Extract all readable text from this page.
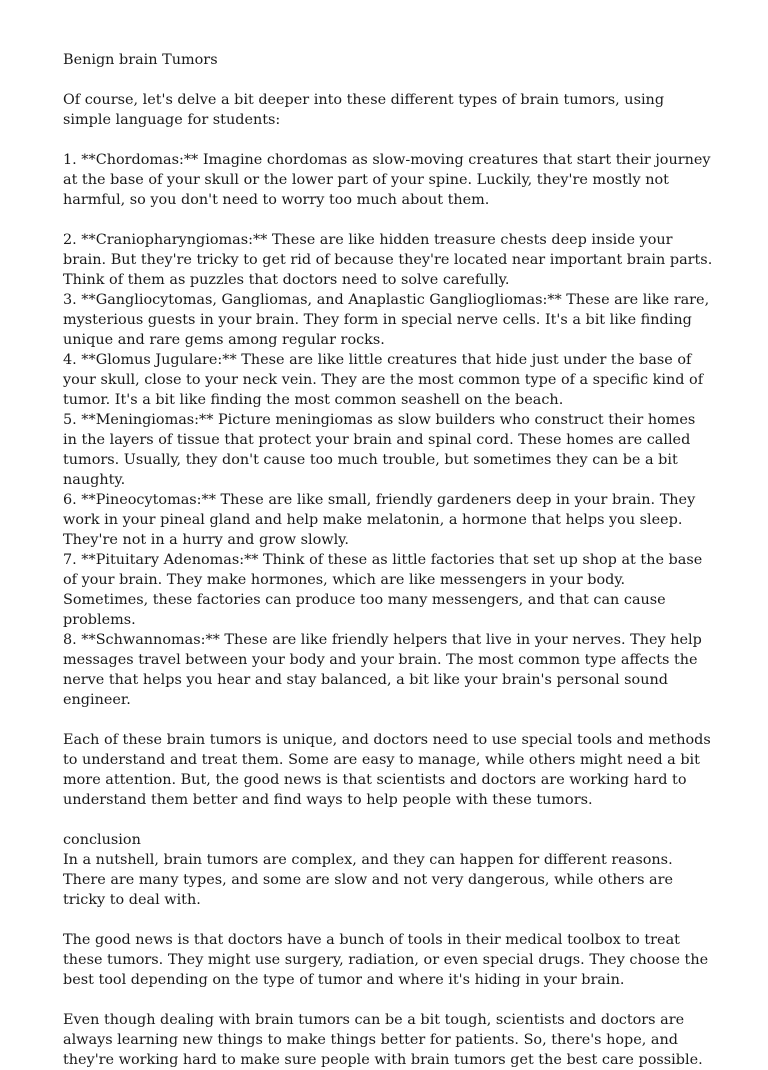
Benign brain Tumors

Of course, let's delve a bit deeper into these different types of brain tumors, using simple language for students:

1. **Chordomas:** Imagine chordomas as slow-moving creatures that start their journey at the base of your skull or the lower part of your spine. Luckily, they're mostly not harmful, so you don't need to worry too much about them.

2. **Craniopharyngiomas:** These are like hidden treasure chests deep inside your brain. But they're tricky to get rid of because they're located near important brain parts. Think of them as puzzles that doctors need to solve carefully.

3. **Gangliocytomas, Gangliomas, and Anaplastic Gangliogliomas:** These are like rare, mysterious guests in your brain. They form in special nerve cells. It's a bit like finding unique and rare gems among regular rocks.

4. **Glomus Jugulare:** These are like little creatures that hide just under the base of your skull, close to your neck vein. They are the most common type of a specific kind of tumor. It's a bit like finding the most common seashell on the beach.

5. **Meningiomas:** Picture meningiomas as slow builders who construct their homes in the layers of tissue that protect your brain and spinal cord. These homes are called tumors. Usually, they don't cause too much trouble, but sometimes they can be a bit naughty.

6. **Pineocytomas:** These are like small, friendly gardeners deep in your brain. They work in your pineal gland and help make melatonin, a hormone that helps you sleep. They're not in a hurry and grow slowly.

7. **Pituitary Adenomas:** Think of these as little factories that set up shop at the base of your brain. They make hormones, which are like messengers in your body. Sometimes, these factories can produce too many messengers, and that can cause problems.

8. **Schwannomas:** These are like friendly helpers that live in your nerves. They help messages travel between your body and your brain. The most common type affects the nerve that helps you hear and stay balanced, a bit like your brain's personal sound engineer.

Each of these brain tumors is unique, and doctors need to use special tools and methods to understand and treat them. Some are easy to manage, while others might need a bit more attention. But, the good news is that scientists and doctors are working hard to understand them better and find ways to help people with these tumors.

conclusion

In a nutshell, brain tumors are complex, and they can happen for different reasons. There are many types, and some are slow and not very dangerous, while others are tricky to deal with.

The good news is that doctors have a bunch of tools in their medical toolbox to treat these tumors. They might use surgery, radiation, or even special drugs. They choose the best tool depending on the type of tumor and where it's hiding in your brain.

Even though dealing with brain tumors can be a bit tough, scientists and doctors are always learning new things to make things better for patients. So, there's hope, and they're working hard to make sure people with brain tumors get the best care possible.
